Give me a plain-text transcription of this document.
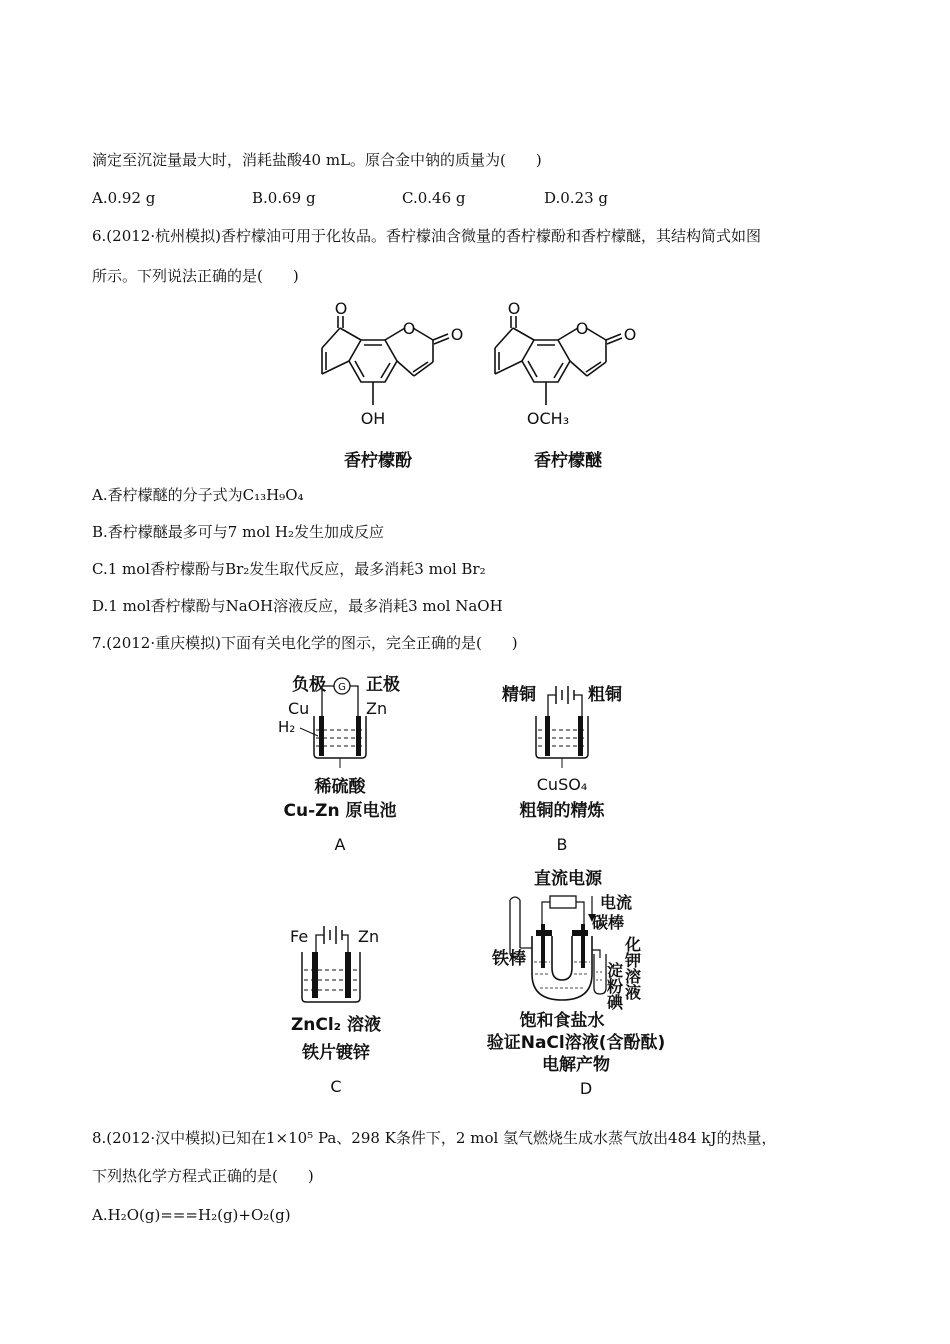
滴定至沉淀量最大时，消耗盐酸40 mL。原合金中钠的质量为(　　)
A.0.92 g	B.0.69 g	C.0.46 g	D.0.23 g
6.(2012·杭州模拟)香柠檬油可用于化妆品。香柠檬油含微量的香柠檬酚和香柠檬醚，其结构简式如图
所示。下列说法正确的是(　　)
O
O O
OH
O
O O
OCH₃
香柠檬酚	香柠檬醚
A.香柠檬醚的分子式为C₁₃H₉O₄
B.香柠檬醚最多可与7 mol H₂发生加成反应
C.1 mol香柠檬酚与Br₂发生取代反应，最多消耗3 mol Br₂
D.1 mol香柠檬酚与NaOH溶液反应，最多消耗3 mol NaOH
7.(2012·重庆模拟)下面有关电化学的图示，完全正确的是(　　)
负极 正极
G
Cu	Zn
H₂
稀硫酸
Cu-Zn 原电池
A
精铜	粗铜
CuSO₄
粗铜的精炼
B
Fe	Zn
ZnCl₂ 溶液
铁片镀锌
C
直流电源
电流
碳棒
铁棒
淀粉碘 化钾溶液
饱和食盐水
验证NaCl溶液(含酚酞)
电解产物
D
8.(2012·汉中模拟)已知在1×10⁵ Pa、298 K条件下，2 mol 氢气燃烧生成水蒸气放出484 kJ的热量，
下列热化学方程式正确的是(　　)
A.H₂O(g)===H₂(g)+O₂(g)
